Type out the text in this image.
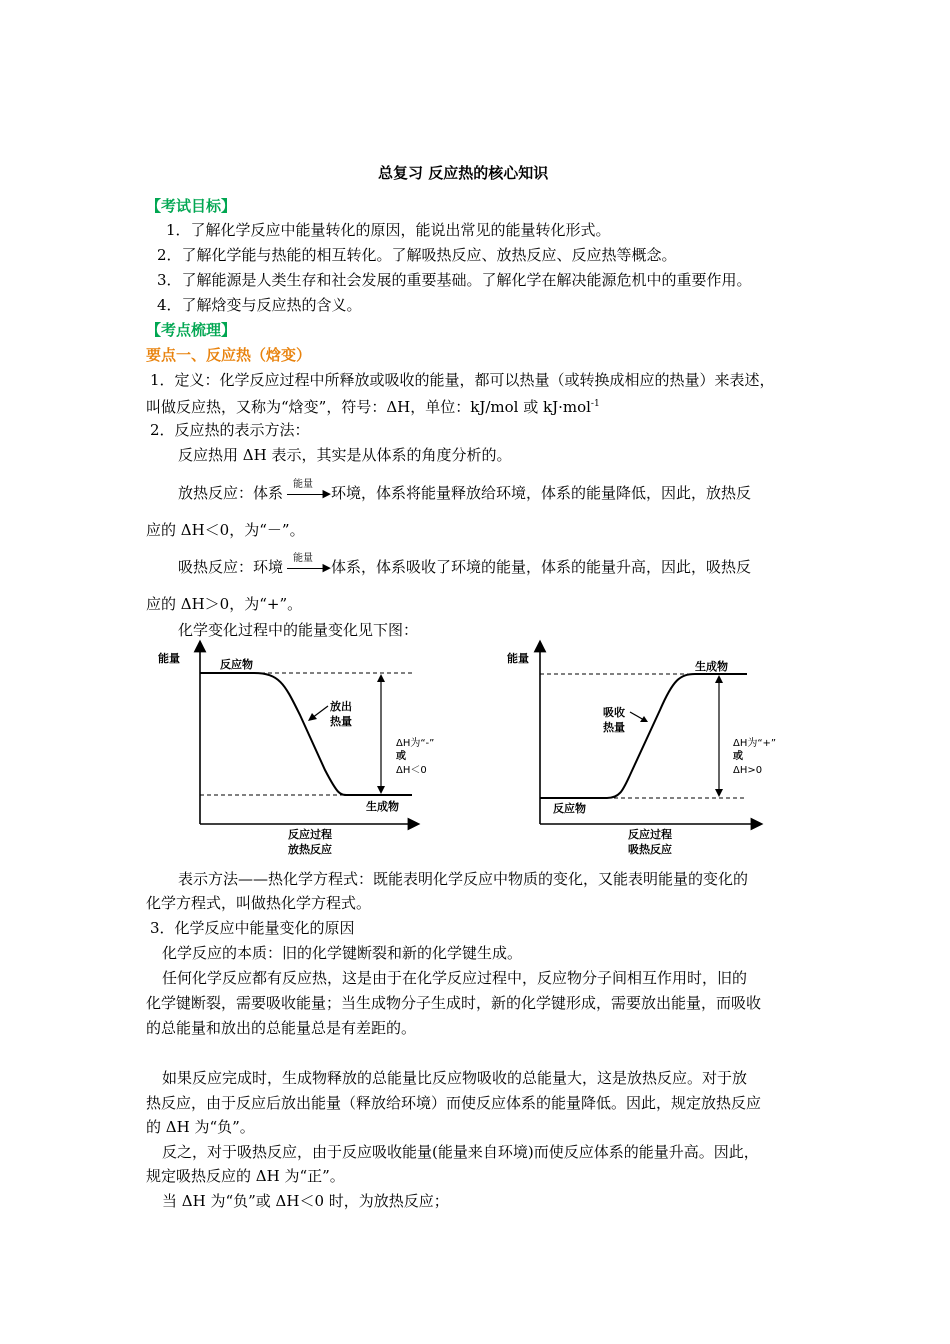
总复习 反应热的核心知识
【考试目标】
1．了解化学反应中能量转化的原因，能说出常见的能量转化形式。
2．了解化学能与热能的相互转化。了解吸热反应、放热反应、反应热等概念。
3．了解能源是人类生存和社会发展的重要基础。了解化学在解决能源危机中的重要作用。
4．了解焓变与反应热的含义。
【考点梳理】
要点一、反应热（焓变）
1．定义：化学反应过程中所释放或吸收的能量，都可以热量（或转换成相应的热量）来表述，
叫做反应热，又称为“焓变”，符号：ΔH，单位：kJ/mol 或 kJ·mol$^{-1}$
2．反应热的表示方法：
反应热用 ΔH 表示，其实是从体系的角度分析的。
放热反应：体系 能量
▶ 环境，体系将能量释放给环境，体系的能量降低，因此，放热反
应的 ΔH＜0，为“－”。
吸热反应：环境 能量
▶ 体系，体系吸收了环境的能量，体系的能量升高，因此，吸热反
应的 ΔH＞0，为“+”。
化学变化过程中的能量变化见下图：
能量	反应物
生成物
放出
热量
ΔH为“-”
或
ΔH＜0
反应过程
放热反应
能量
生成物
反应物
吸收
热量
ΔH为“+”
或
ΔH>0
反应过程
吸热反应
表示方法——热化学方程式：既能表明化学反应中物质的变化，又能表明能量的变化的
化学方程式，叫做热化学方程式。
3．化学反应中能量变化的原因
化学反应的本质：旧的化学键断裂和新的化学键生成。
任何化学反应都有反应热，这是由于在化学反应过程中，反应物分子间相互作用时，旧的
化学键断裂，需要吸收能量；当生成物分子生成时，新的化学键形成，需要放出能量，而吸收
的总能量和放出的总能量总是有差距的。
如果反应完成时，生成物释放的总能量比反应物吸收的总能量大，这是放热反应。对于放
热反应，由于反应后放出能量（释放给环境）而使反应体系的能量降低。因此，规定放热反应
的 ΔH 为“负”。
反之，对于吸热反应，由于反应吸收能量(能量来自环境)而使反应体系的能量升高。因此，
规定吸热反应的 ΔH 为“正”。
当 ΔH 为“负”或 ΔH＜0 时，为放热反应；
